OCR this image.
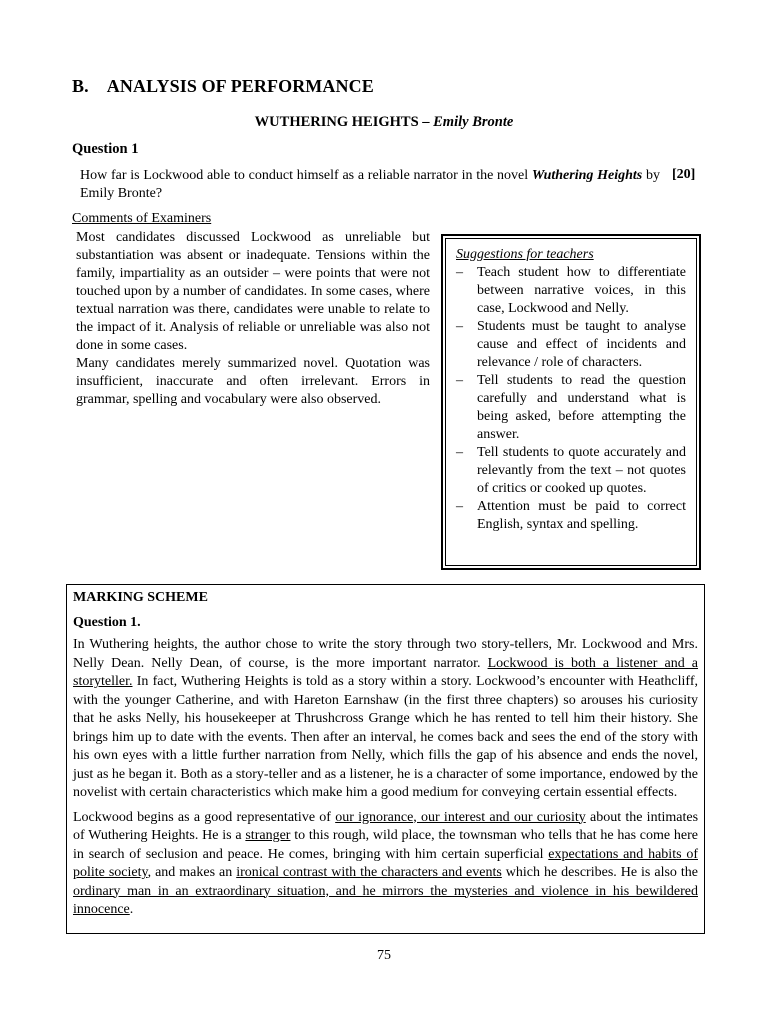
B. ANALYSIS OF PERFORMANCE
WUTHERING HEIGHTS – Emily Bronte
Question 1
How far is Lockwood able to conduct himself as a reliable narrator in the novel Wuthering Heights by Emily Bronte?
[20]
Comments of Examiners

Most candidates discussed Lockwood as unreliable but substantiation was absent or inadequate. Tensions within the family, impartiality as an outsider – were points that were not touched upon by a number of candidates. In some cases, where textual narration was there, candidates were unable to relate to the impact of it. Analysis of reliable or unreliable was also not done in some cases.

Many candidates merely summarized novel. Quotation was insufficient, inaccurate and often irrelevant. Errors in grammar, spelling and vocabulary were also observed.

Suggestions for teachers
– Teach student how to differentiate between narrative voices, in this case, Lockwood and Nelly.
– Students must be taught to analyse cause and effect of incidents and relevance / role of characters.
– Tell students to read the question carefully and understand what is being asked, before attempting the answer.
– Tell students to quote accurately and relevantly from the text – not quotes of critics or cooked up quotes.
– Attention must be paid to correct English, syntax and spelling.
MARKING SCHEME
Question 1.

In Wuthering heights, the author chose to write the story through two story-tellers, Mr. Lockwood and Mrs. Nelly Dean. Nelly Dean, of course, is the more important narrator. Lockwood is both a listener and a storyteller. In fact, Wuthering Heights is told as a story within a story. Lockwood’s encounter with Heathcliff, with the younger Catherine, and with Hareton Earnshaw (in the first three chapters) so arouses his curiosity that he asks Nelly, his housekeeper at Thrushcross Grange which he has rented to tell him their history. She brings him up to date with the events. Then after an interval, he comes back and sees the end of the story with his own eyes with a little further narration from Nelly, which fills the gap of his absence and ends the novel, just as he began it. Both as a story-teller and as a listener, he is a character of some importance, endowed by the novelist with certain characteristics which make him a good medium for conveying certain essential effects.

Lockwood begins as a good representative of our ignorance, our interest and our curiosity about the intimates of Wuthering Heights. He is a stranger to this rough, wild place, the townsman who tells that he has come here in search of seclusion and peace. He comes, bringing with him certain superficial expectations and habits of polite society, and makes an ironical contrast with the characters and events which he describes. He is also the ordinary man in an extraordinary situation, and he mirrors the mysteries and violence in his bewildered innocence.

75
